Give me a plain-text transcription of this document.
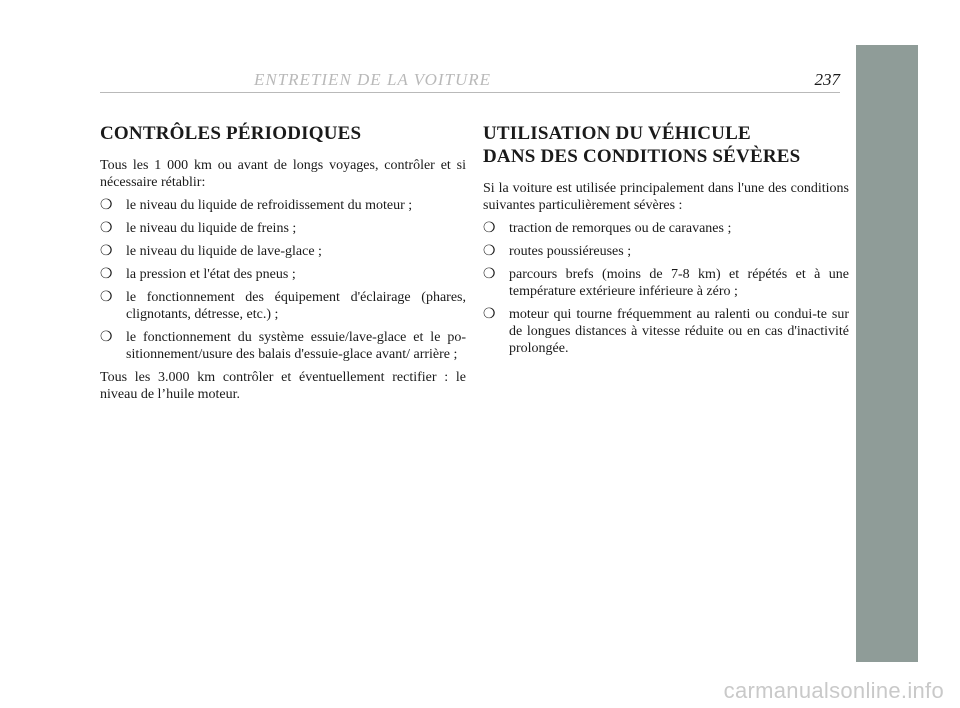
ENTRETIEN DE LA VOITURE	237
CONTRÔLES PÉRIODIQUES

Tous les 1 000 km ou avant de longs voyages, contrôler et si nécessaire rétablir:

❍ le niveau du liquide de refroidissement du moteur ;
❍ le niveau du liquide de freins ;
❍ le niveau du liquide de lave-glace ;
❍ la pression et l'état des pneus ;
❍ le fonctionnement des équipement d'éclairage (phares, clignotants, détresse, etc.) ;
❍ le fonctionnement du système essuie/lave-glace et le po-sitionnement/usure des balais d'essuie-glace avant/ arrière ;

Tous les 3.000 km contrôler et éventuellement rectifier : le niveau de l’huile moteur.

UTILISATION DU VÉHICULE
DANS DES CONDITIONS SÉVÈRES

Si la voiture est utilisée principalement dans l'une des conditions suivantes particulièrement sévères :

❍ traction de remorques ou de caravanes ;
❍ routes poussiéreuses ;
❍ parcours brefs (moins de 7-8 km) et répétés et à une température extérieure inférieure à zéro ;
❍ moteur qui tourne fréquemment au ralenti ou condui-te sur de longues distances à vitesse réduite ou en cas d'inactivité prolongée.
carmanualsonline.info
